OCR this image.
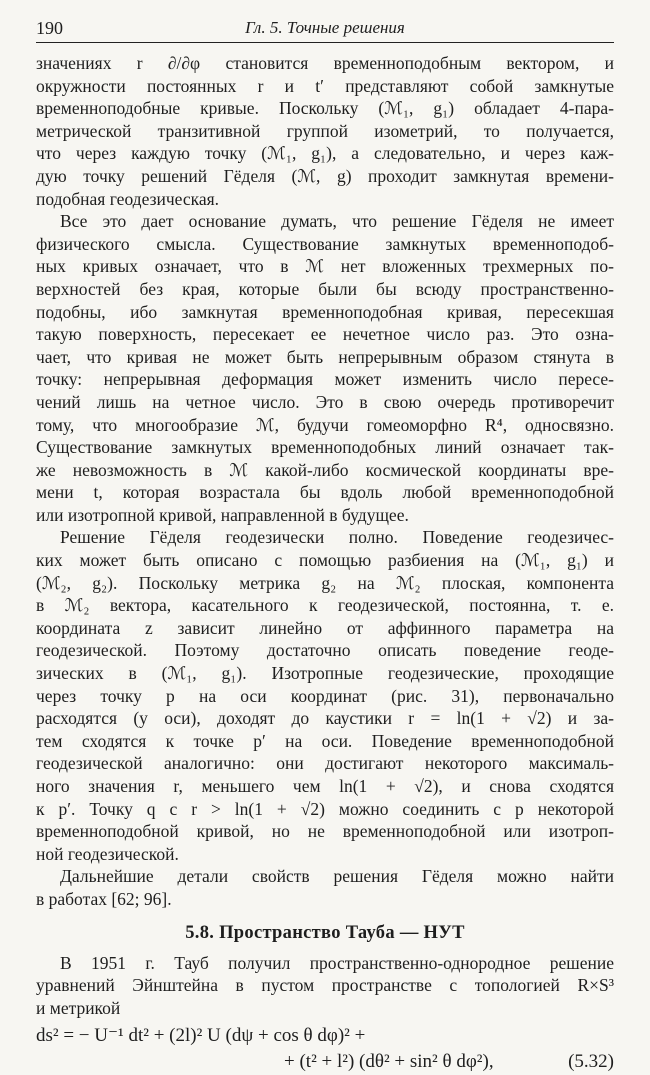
190	Гл. 5. Точные решения
значениях r ∂/∂φ становится временноподобным вектором, и
окружности постоянных r и t′ представляют собой замкнутые
временноподобные кривые. Поскольку (ℳ₁, g₁) обладает 4-пара-
метрической транзитивной группой изометрий, то получается,
что через каждую точку (ℳ₁, g₁), а следовательно, и через каж-
дую точку решений Гёделя (ℳ, g) проходит замкнутая времени-
подобная геодезическая.
Все это дает основание думать, что решение Гёделя не имеет
физического смысла. Существование замкнутых временноподоб-
ных кривых означает, что в ℳ нет вложенных трехмерных по-
верхностей без края, которые были бы всюду пространственно-
подобны, ибо замкнутая временноподобная кривая, пересекшая
такую поверхность, пересекает ее нечетное число раз. Это озна-
чает, что кривая не может быть непрерывным образом стянута в
точку: непрерывная деформация может изменить число пересе-
чений лишь на четное число. Это в свою очередь противоречит
тому, что многообразие ℳ, будучи гомеоморфно R⁴, односвязно.
Существование замкнутых временноподобных линий означает так-
же невозможность в ℳ какой-либо космической координаты вре-
мени t, которая возрастала бы вдоль любой временноподобной
или изотропной кривой, направленной в будущее.
Решение Гёделя геодезически полно. Поведение геодезичес-
ких может быть описано с помощью разбиения на (ℳ₁, g₁) и
(ℳ₂, g₂). Поскольку метрика g₂ на ℳ₂ плоская, компонента
в ℳ₂ вектора, касательного к геодезической, постоянна, т. е.
координата z зависит линейно от аффинного параметра на
геодезической. Поэтому достаточно описать поведение геоде-
зических в (ℳ₁, g₁). Изотропные геодезические, проходящие
через точку p на оси координат (рис. 31), первоначально
расходятся (у оси), доходят до каустики r = ln(1 + √2) и за-
тем сходятся к точке p′ на оси. Поведение временноподобной
геодезической аналогично: они достигают некоторого максималь-
ного значения r, меньшего чем ln(1 + √2), и снова сходятся
к p′. Точку q с r > ln(1 + √2) можно соединить с p некоторой
временноподобной кривой, но не временноподобной или изотроп-
ной геодезической.
Дальнейшие детали свойств решения Гёделя можно найти
в работах [62; 96].
5.8. Пространство Тауба — НУТ
В 1951 г. Тауб получил пространственно-однородное решение
уравнений Эйнштейна в пустом пространстве с топологией R×S³
и метрикой
ds² = − U⁻¹ dt² + (2l)² U (dψ + cos θ dφ)² +
+ (t² + l²) (dθ² + sin² θ dφ²),	(5.32)
